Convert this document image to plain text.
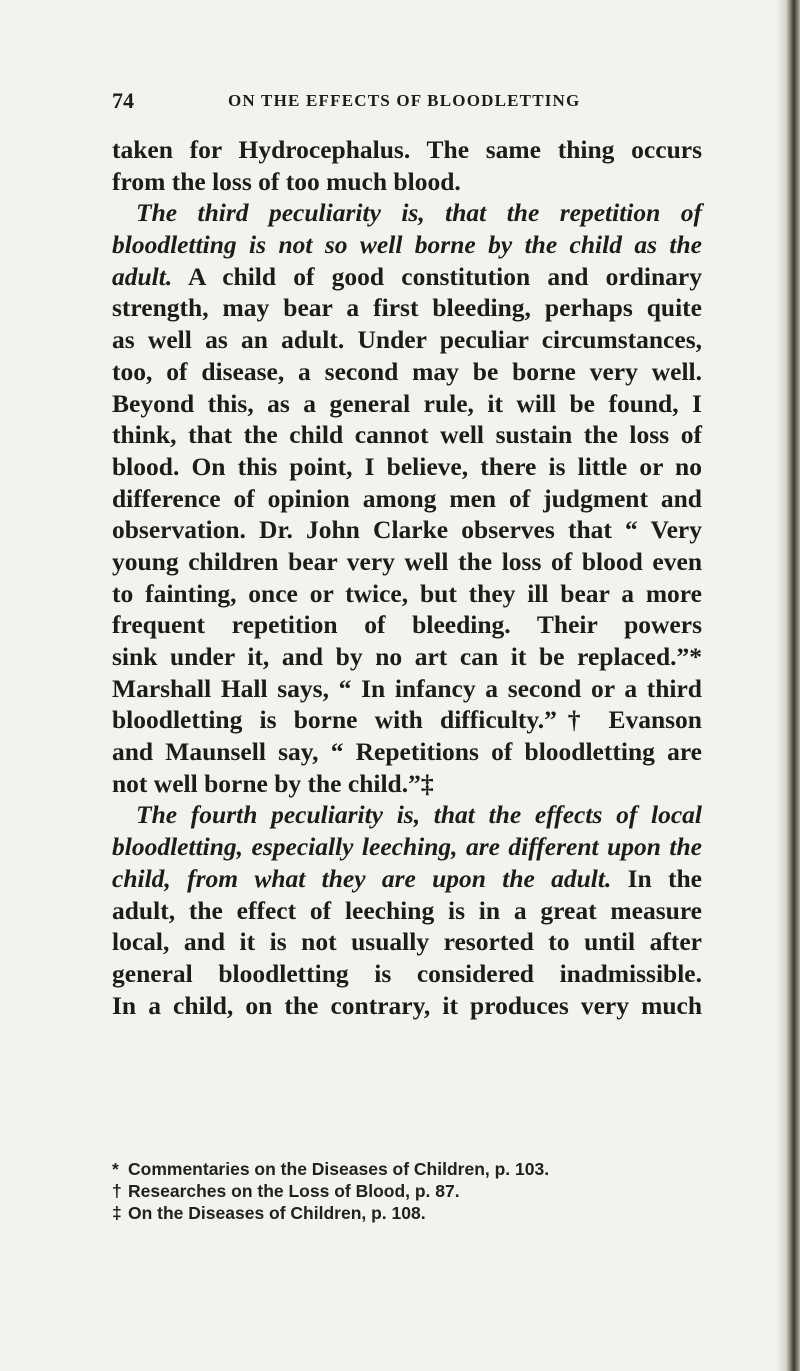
74	ON THE EFFECTS OF BLOODLETTING
taken for Hydrocephalus. The same thing occurs
from the loss of too much blood.
The third peculiarity is, that the repetition of
bloodletting is not so well borne by the child as the
adult. A child of good constitution and ordinary
strength, may bear a first bleeding, perhaps quite
as well as an adult. Under peculiar circumstances,
too, of disease, a second may be borne very well.
Beyond this, as a general rule, it will be found, I
think, that the child cannot well sustain the loss of
blood. On this point, I believe, there is little or no
difference of opinion among men of judgment and
observation. Dr. John Clarke observes that “ Very
young children bear very well the loss of blood even
to fainting, once or twice, but they ill bear a more
frequent repetition of bleeding. Their powers
sink under it, and by no art can it be replaced.”*
Marshall Hall says, “ In infancy a second or a third
bloodletting is borne with difficulty.”† Evanson
and Maunsell say, “ Repetitions of bloodletting are
not well borne by the child.”‡
The fourth peculiarity is, that the effects of local
bloodletting, especially leeching, are different upon the
child, from what they are upon the adult. In the
adult, the effect of leeching is in a great measure
local, and it is not usually resorted to until after
general bloodletting is considered inadmissible.
In a child, on the contrary, it produces very much
* Commentaries on the Diseases of Children, p. 103.
† Researches on the Loss of Blood, p. 87.
‡ On the Diseases of Children, p. 108.
